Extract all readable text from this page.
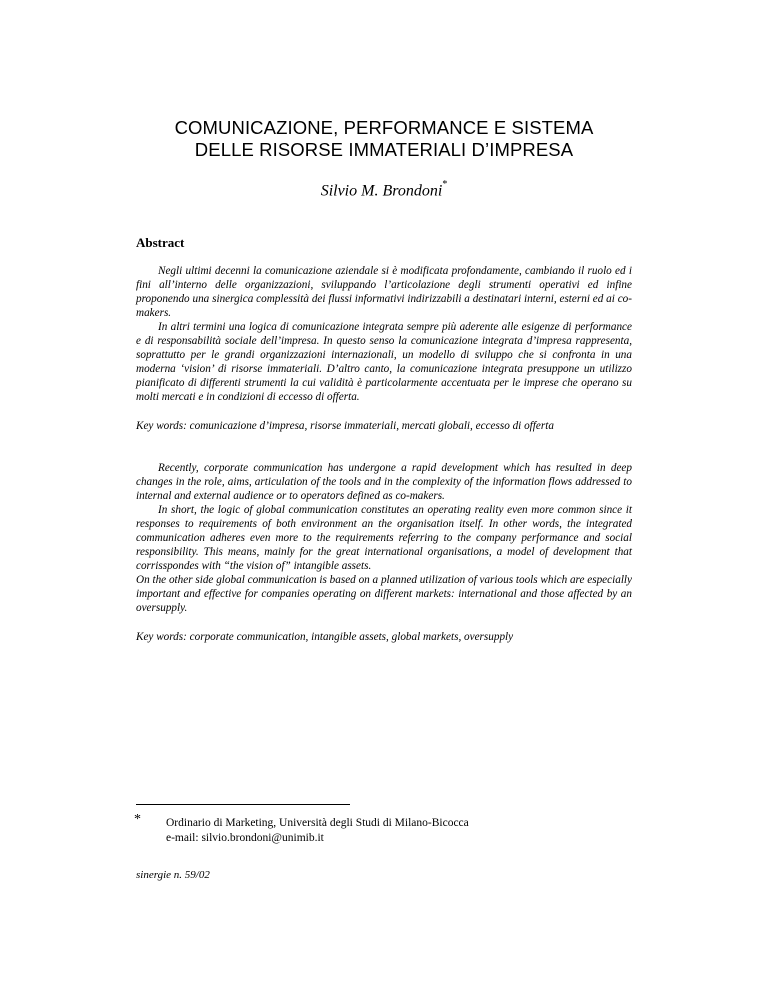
COMUNICAZIONE, PERFORMANCE E SISTEMA
DELLE RISORSE IMMATERIALI D’IMPRESA
Silvio M. Brondoni*
Abstract

Negli ultimi decenni la comunicazione aziendale si è modificata profondamente, cambiando il ruolo ed i fini all’interno delle organizzazioni, sviluppando l’articolazione degli strumenti operativi ed infine proponendo una sinergica complessità dei flussi informativi indirizzabili a destinatari interni, esterni ed ai co-makers.

In altri termini una logica di comunicazione integrata sempre più aderente alle esigenze di performance e di responsabilità sociale dell’impresa. In questo senso la comunicazione integrata d’impresa rappresenta, soprattutto per le grandi organizzazioni internazionali, un modello di sviluppo che si confronta in una moderna ‘vision’ di risorse immateriali. D’altro canto, la comunicazione integrata presuppone un utilizzo pianificato di differenti strumenti la cui validità è particolarmente accentuata per le imprese che operano su molti mercati e in condizioni di eccesso di offerta.

Key words: comunicazione d’impresa, risorse immateriali, mercati globali, eccesso di offerta

Recently, corporate communication has undergone a rapid development which has resulted in deep changes in the role, aims, articulation of the tools and in the complexity of the information flows addressed to internal and external audience or to operators defined as co-makers.

In short, the logic of global communication constitutes an operating reality even more common since it responses to requirements of both environment an the organisation itself. In other words, the integrated communication adheres even more to the requirements referring to the company performance and social responsibility. This means, mainly for the great international organisations, a model of development that corrisspondes with “the vision of” intangible assets.

On the other side global communication is based on a planned utilization of various tools which are especially important and effective for companies operating on different markets: international and those affected by an oversupply.

Key words: corporate communication, intangible assets, global markets, oversupply
* Ordinario di Marketing, Università degli Studi di Milano-Bicocca
e-mail: silvio.brondoni@unimib.it
sinergie n. 59/02
